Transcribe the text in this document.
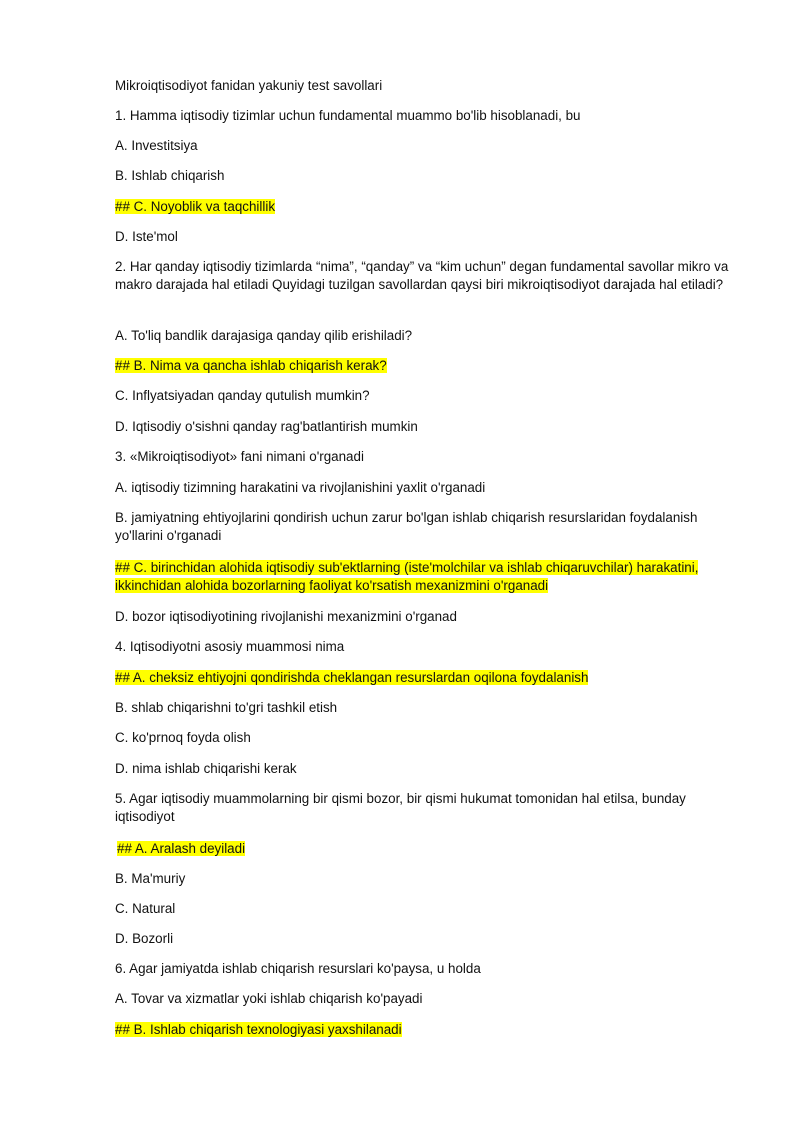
Mikroiqtisodiyot fanidan yakuniy test savollari
1. Hamma iqtisodiy tizimlar uchun fundamental muammo bo'lib hisoblanadi, bu
A. Investitsiya
B. Ishlab chiqarish
## C. Noyoblik va taqchillik
D. Iste'mol
2. Har qanday iqtisodiy tizimlarda “nima”, “qanday” va “kim uchun” degan fundamental savollar mikro va makro darajada hal etiladi Quyidagi tuzilgan savollardan qaysi biri mikroiqtisodiyot darajada hal etiladi?
A. To'liq bandlik darajasiga qanday qilib erishiladi?
## B. Nima va qancha ishlab chiqarish kerak?
C. Inflyatsiyadan qanday qutulish mumkin?
D. Iqtisodiy o'sishni qanday rag'batlantirish mumkin
3. «Mikroiqtisodiyot» fani nimani o'rganadi
A. iqtisodiy tizimning harakatini va rivojlanishini yaxlit o'rganadi
B. jamiyatning ehtiyojlarini qondirish uchun zarur bo'lgan ishlab chiqarish resurslaridan foydalanish yo'llarini o'rganadi
## C. birinchidan alohida iqtisodiy sub'ektlarning (iste'molchilar va ishlab chiqaruvchilar) harakatini, ikkinchidan alohida bozorlarning faoliyat ko'rsatish mexanizmini o'rganadi
D. bozor iqtisodiyotining rivojlanishi mexanizmini o'rganad
4. Iqtisodiyotni asosiy muammosi nima
## A. cheksiz ehtiyojni qondirishda cheklangan resurslardan oqilona foydalanish
B. shlab chiqarishni to'gri tashkil etish
C. ko'prnoq foyda olish
D. nima ishlab chiqarishi kerak
5. Agar iqtisodiy muammolarning bir qismi bozor, bir qismi hukumat tomonidan hal etilsa, bunday iqtisodiyot
## A. Aralash deyiladi
B. Ma'muriy
C. Natural
D. Bozorli
6. Agar jamiyatda ishlab chiqarish resurslari ko'paysa, u holda
A. Tovar va xizmatlar yoki ishlab chiqarish ko'payadi
## B. Ishlab chiqarish texnologiyasi yaxshilanadi
